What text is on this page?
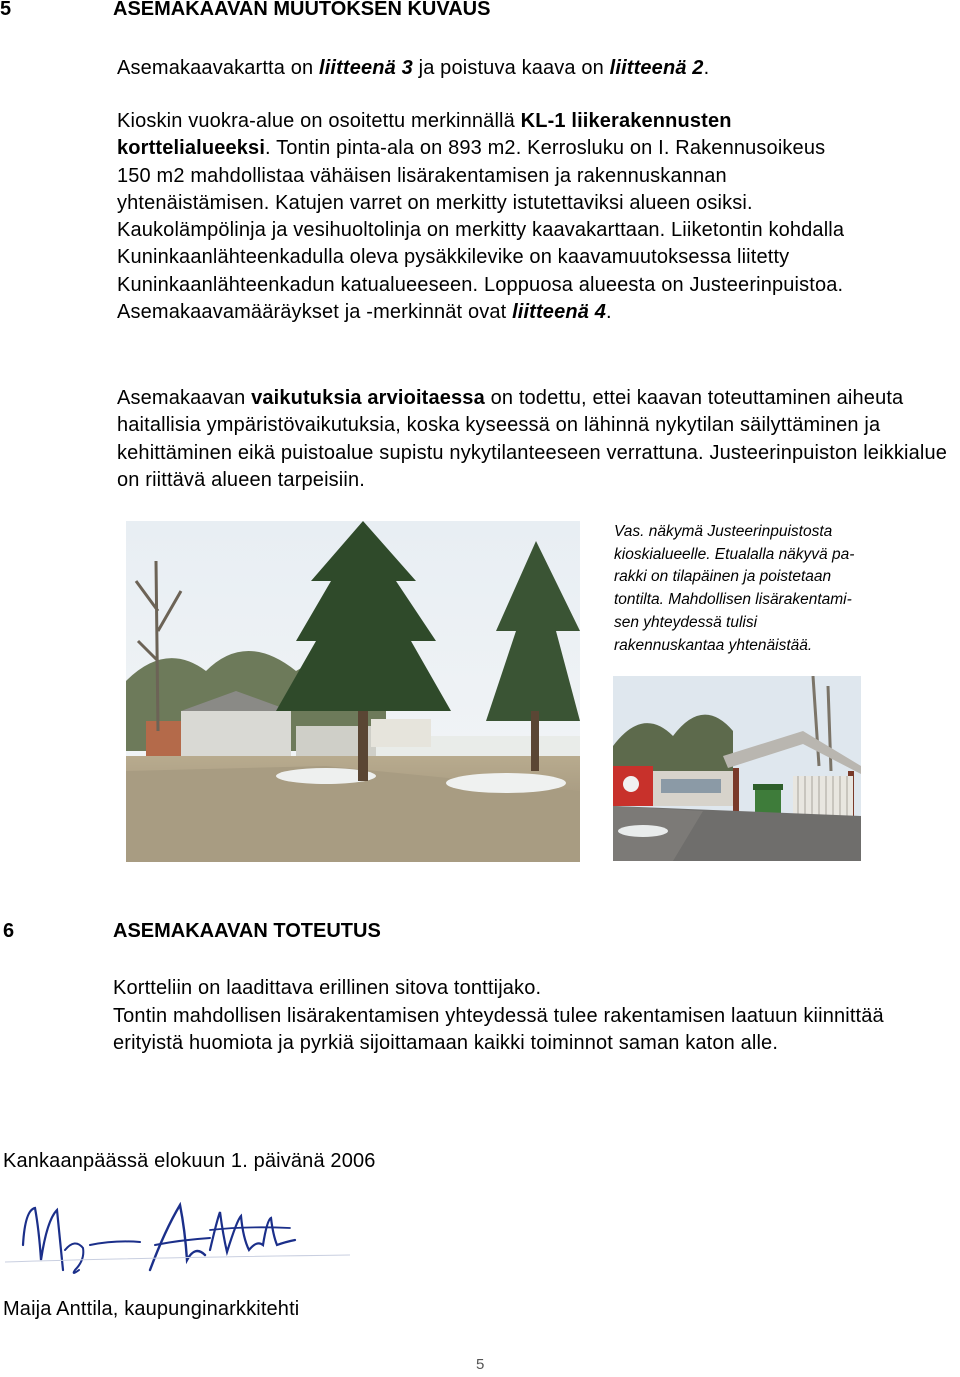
5	ASEMAKAAVAN MUUTOKSEN KUVAUS
Asemakaavakartta on liitteenä 3 ja poistuva kaava on liitteenä 2.
Kioskin vuokra-alue on osoitettu merkinnällä KL-1 liikerakennusten korttelialueeksi. Tontin pinta-ala on 893 m2. Kerrosluku on I. Rakennusoikeus 150 m2 mahdollistaa vähäisen lisärakentamisen ja rakennuskannan yhtenäistämisen. Katujen varret on merkitty istutettaviksi alueen osiksi. Kaukolämpölinja ja vesihuoltolinja on merkitty kaavakarttaan. Liiketontin kohdalla Kuninkaanlähteenkadulla oleva pysäkkilevike on kaavamuutoksessa liitetty Kuninkaanlähteenkadun katualueeseen. Loppuosa alueesta on Justeerinpuistoa.
Asemakaavamääräykset ja -merkinnät ovat liitteenä 4.
Asemakaavan vaikutuksia arvioitaessa on todettu, ettei kaavan toteuttaminen aiheuta haitallisia ympäristövaikutuksia, koska kyseessä on lähinnä nykytilan säilyttäminen ja kehittäminen eikä puistoalue supistu nykytilanteeseen verrattuna. Justeerinpuiston leikkialue on riittävä alueen tarpeisiin.
Vas. näkymä Justeerinpuistosta
kioskialueelle. Etualalla näkyvä pa-
rakki on tilapäinen ja poistetaan
tontilta. Mahdollisen lisärakentami-
sen yhteydessä tulisi
rakennuskantaa yhtenäistää.
6	ASEMAKAAVAN TOTEUTUS
Kortteliin on laadittava erillinen sitova tonttijako.
Tontin mahdollisen lisärakentamisen yhteydessä tulee rakentamisen laatuun kiinnittää erityistä huomiota ja pyrkiä sijoittamaan kaikki toiminnot saman katon alle.
Kankaanpäässä elokuun 1. päivänä 2006
Maija Anttila, kaupunginarkkitehti
5
